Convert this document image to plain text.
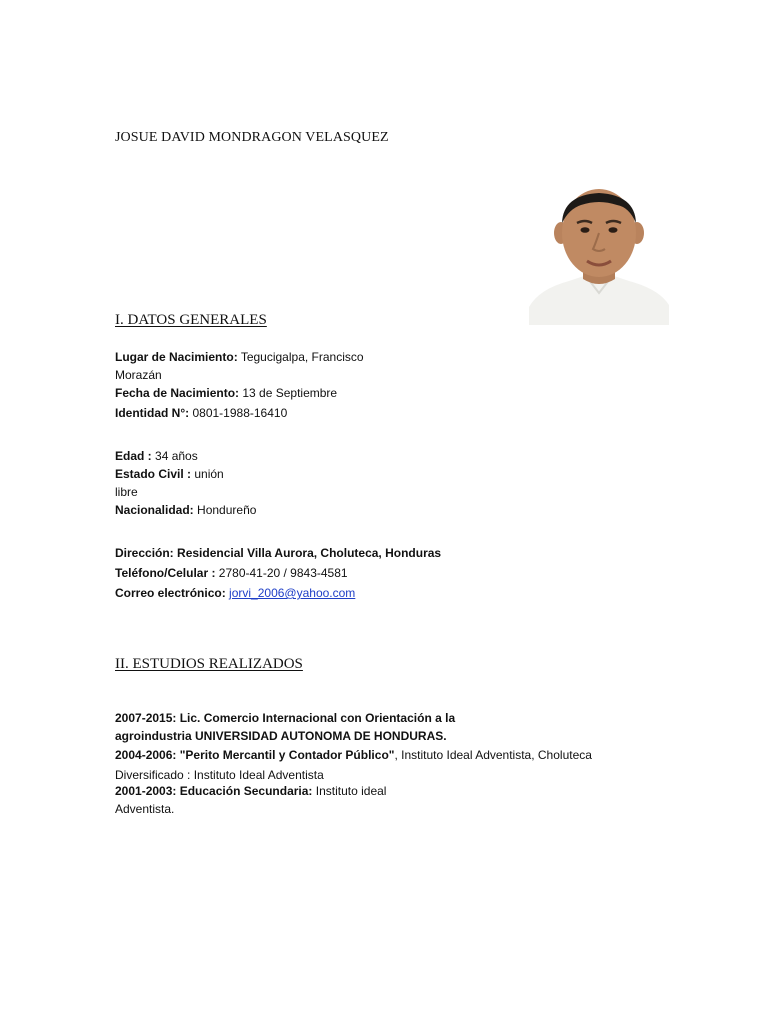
JOSUE DAVID MONDRAGON VELASQUEZ
I. DATOS GENERALES
Lugar de Nacimiento: Tegucigalpa, Francisco
Morazán
Fecha de Nacimiento: 13 de Septiembre
Identidad N°: 0801-1988-16410
Edad : 34 años
Estado Civil : unión
libre
Nacionalidad: Hondureño
Dirección: Residencial Villa Aurora, Choluteca, Honduras
Teléfono/Celular : 2780-41-20 / 9843-4581
Correo electrónico: jorvi_2006@yahoo.com
II. ESTUDIOS REALIZADOS
2007-2015: Lic. Comercio Internacional con Orientación a la
agroindustria UNIVERSIDAD AUTONOMA DE HONDURAS.
2004-2006: "Perito Mercantil y Contador Público", Instituto Ideal Adventista, Choluteca
Diversificado : Instituto Ideal Adventista
2001-2003: Educación Secundaria: Instituto ideal
Adventista.
